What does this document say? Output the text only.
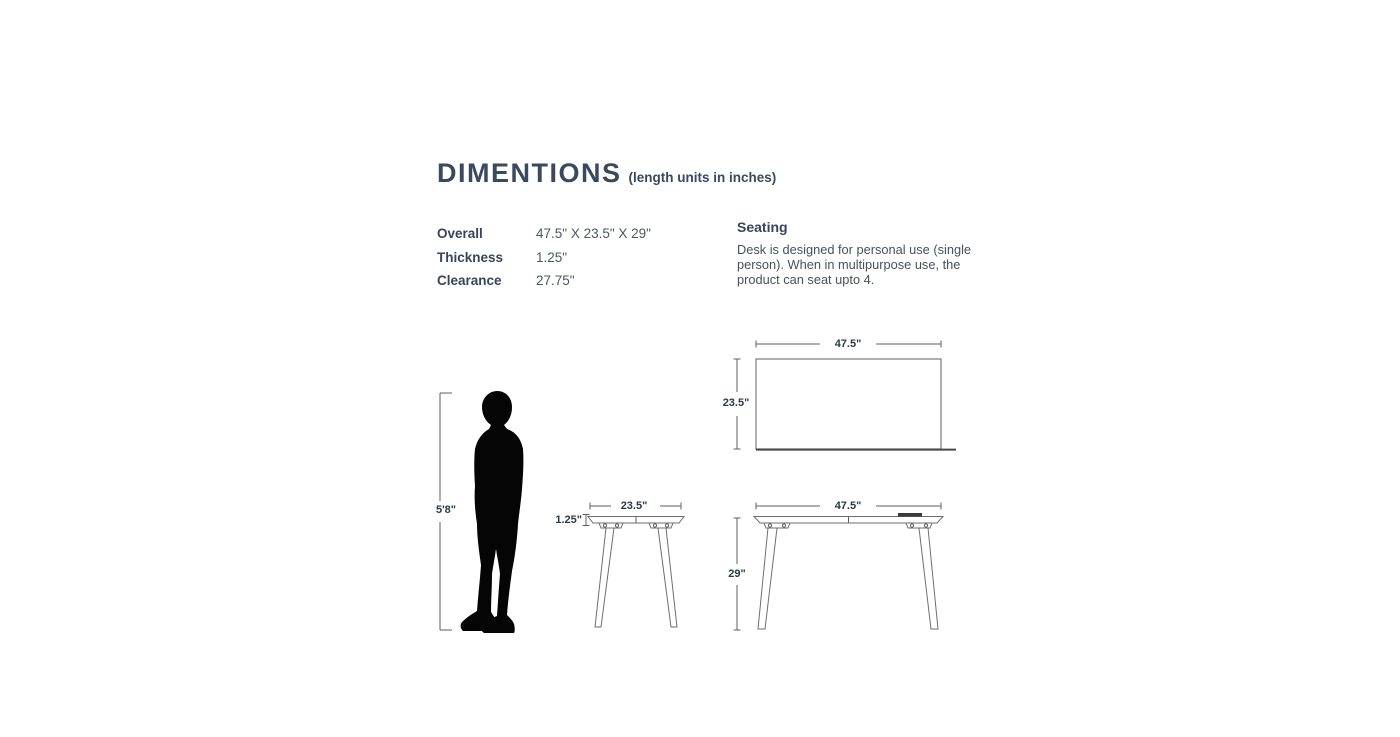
DIMENTIONS (length units in inches)
Overall	47.5" X 23.5" X 29"
Thickness	1.25"
Clearance	27.75"
Seating
Desk is designed for personal use (single person). When in multipurpose use, the product can seat upto 4.
5'8"
47.5"
23.5"
23.5"
1.25"
47.5"
29"
